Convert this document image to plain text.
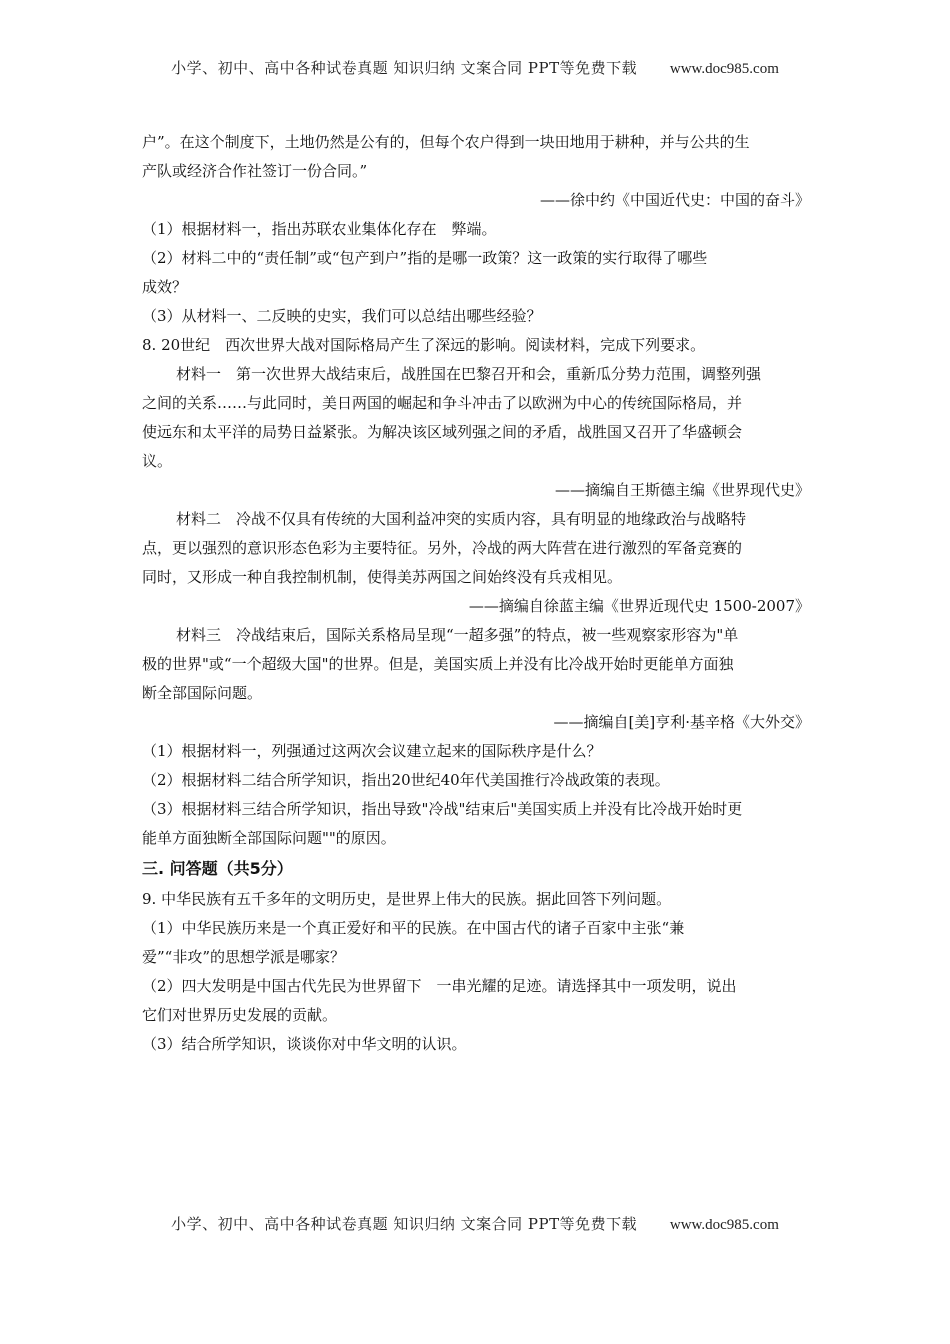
小学、初中、高中各种试卷真题 知识归纳 文案合同 PPT等免费下载 www.doc985.com
户”。在这个制度下，土地仍然是公有的，但每个农户得到一块田地用于耕种，并与公共的生
产队或经济合作社签订一份合同。”
——徐中约《中国近代史：中国的奋斗》
（1）根据材料一，指出苏联农业集体化存在　弊端。
（2）材料二中的“责任制”或“包产到户”指的是哪一政策？这一政策的实行取得了哪些
成效？
（3）从材料一、二反映的史实，我们可以总结出哪些经验？
8. 20世纪　西次世界大战对国际格局产生了深远的影响。阅读材料，完成下列要求。
材料一　第一次世界大战结束后，战胜国在巴黎召开和会，重新瓜分势力范围，调整列强
之间的关系……与此同时，美日两国的崛起和争斗冲击了以欧洲为中心的传统国际格局，并
使远东和太平洋的局势日益紧张。为解决该区域列强之间的矛盾，战胜国又召开了华盛顿会
议。
——摘编自王斯德主编《世界现代史》
材料二　冷战不仅具有传统的大国利益冲突的实质内容，具有明显的地缘政治与战略特
点，更以强烈的意识形态色彩为主要特征。另外，冷战的两大阵营在进行激烈的军备竞赛的
同时，又形成一种自我控制机制，使得美苏两国之间始终没有兵戎相见。
——摘编自徐蓝主编《世界近现代史 1500-2007》
材料三　冷战结束后，国际关系格局呈现“一超多强”的特点，被一些观察家形容为"单
极的世界"或“一个超级大国"的世界。但是，美国实质上并没有比冷战开始时更能单方面独
断全部国际问题。
——摘编自[美]亨利·基辛格《大外交》
（1）根据材料一，列强通过这两次会议建立起来的国际秩序是什么？
（2）根据材料二结合所学知识，指出20世纪40年代美国推行冷战政策的表现。
（3）根据材料三结合所学知识，指出导致"冷战"结束后"美国实质上并没有比冷战开始时更
能单方面独断全部国际问题""的原因。
三. 问答题（共5分）
9. 中华民族有五千多年的文明历史，是世界上伟大的民族。据此回答下列问题。
（1）中华民族历来是一个真正爱好和平的民族。在中国古代的诸子百家中主张“兼
爱”“非攻”的思想学派是哪家？
（2）四大发明是中国古代先民为世界留下　一串光耀的足迹。请选择其中一项发明，说出
它们对世界历史发展的贡献。
（3）结合所学知识，谈谈你对中华文明的认识。
小学、初中、高中各种试卷真题 知识归纳 文案合同 PPT等免费下载 www.doc985.com
